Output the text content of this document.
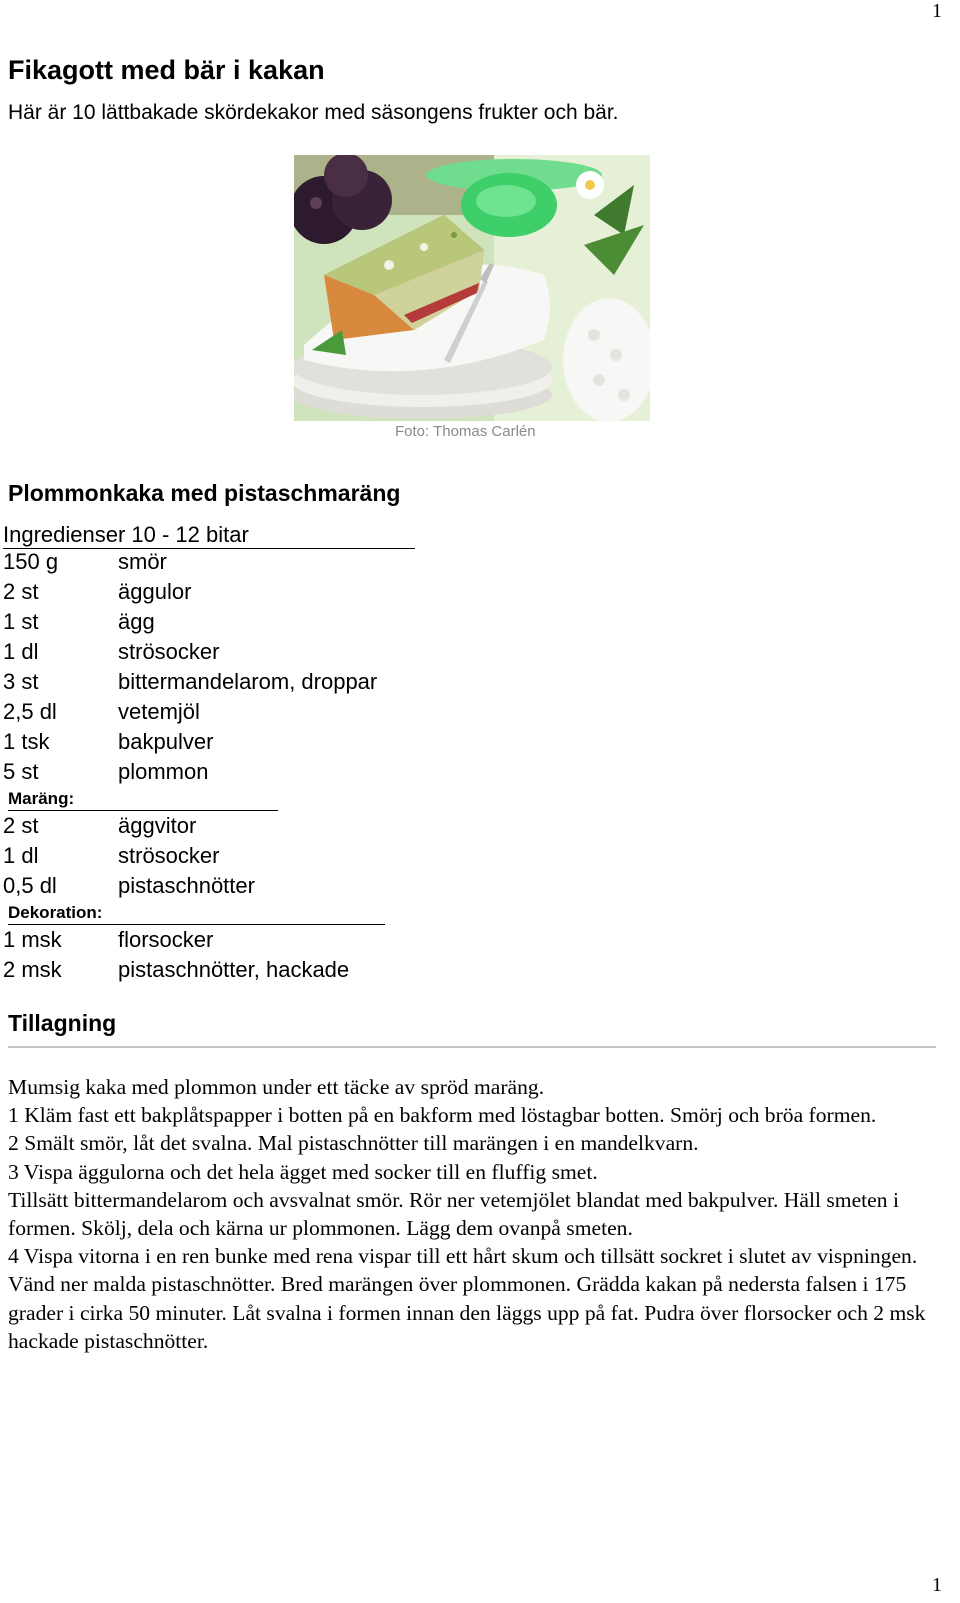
1
Fikagott med bär i kakan

Här är 10 lättbakade skördekakor med säsongens frukter och bär.

Foto: Thomas Carlén
Plommonkaka med pistaschmaräng
Ingredienser 10 - 12 bitar
150 g	smör
2 st	äggulor
1 st	ägg
1 dl	strösocker
3 st	bittermandelarom, droppar
2,5 dl	vetemjöl
1 tsk	bakpulver
5 st	plommon
Maräng:
2 st	äggvitor
1 dl	strösocker
0,5 dl	pistaschnötter
Dekoration:
1 msk	florsocker
2 msk	pistaschnötter, hackade
Tillagning

Mumsig kaka med plommon under ett täcke av spröd maräng.

1 Kläm fast ett bakplåtspapper i botten på en bakform med löstagbar botten. Smörj och bröa formen.

2 Smält smör, låt det svalna. Mal pistaschnötter till marängen i en mandelkvarn.

3 Vispa äggulorna och det hela ägget med socker till en fluffig smet.

Tillsätt bittermandelarom och avsvalnat smör. Rör ner vetemjölet blandat med bakpulver. Häll smeten i formen. Skölj, dela och kärna ur plommonen. Lägg dem ovanpå smeten.

4 Vispa vitorna i en ren bunke med rena vispar till ett hårt skum och tillsätt sockret i slutet av vispningen. Vänd ner malda pistaschnötter. Bred marängen över plommonen. Grädda kakan på nedersta falsen i 175 grader i cirka 50 minuter. Låt svalna i formen innan den läggs upp på fat. Pudra över florsocker och 2 msk hackade pistaschnötter.

1
